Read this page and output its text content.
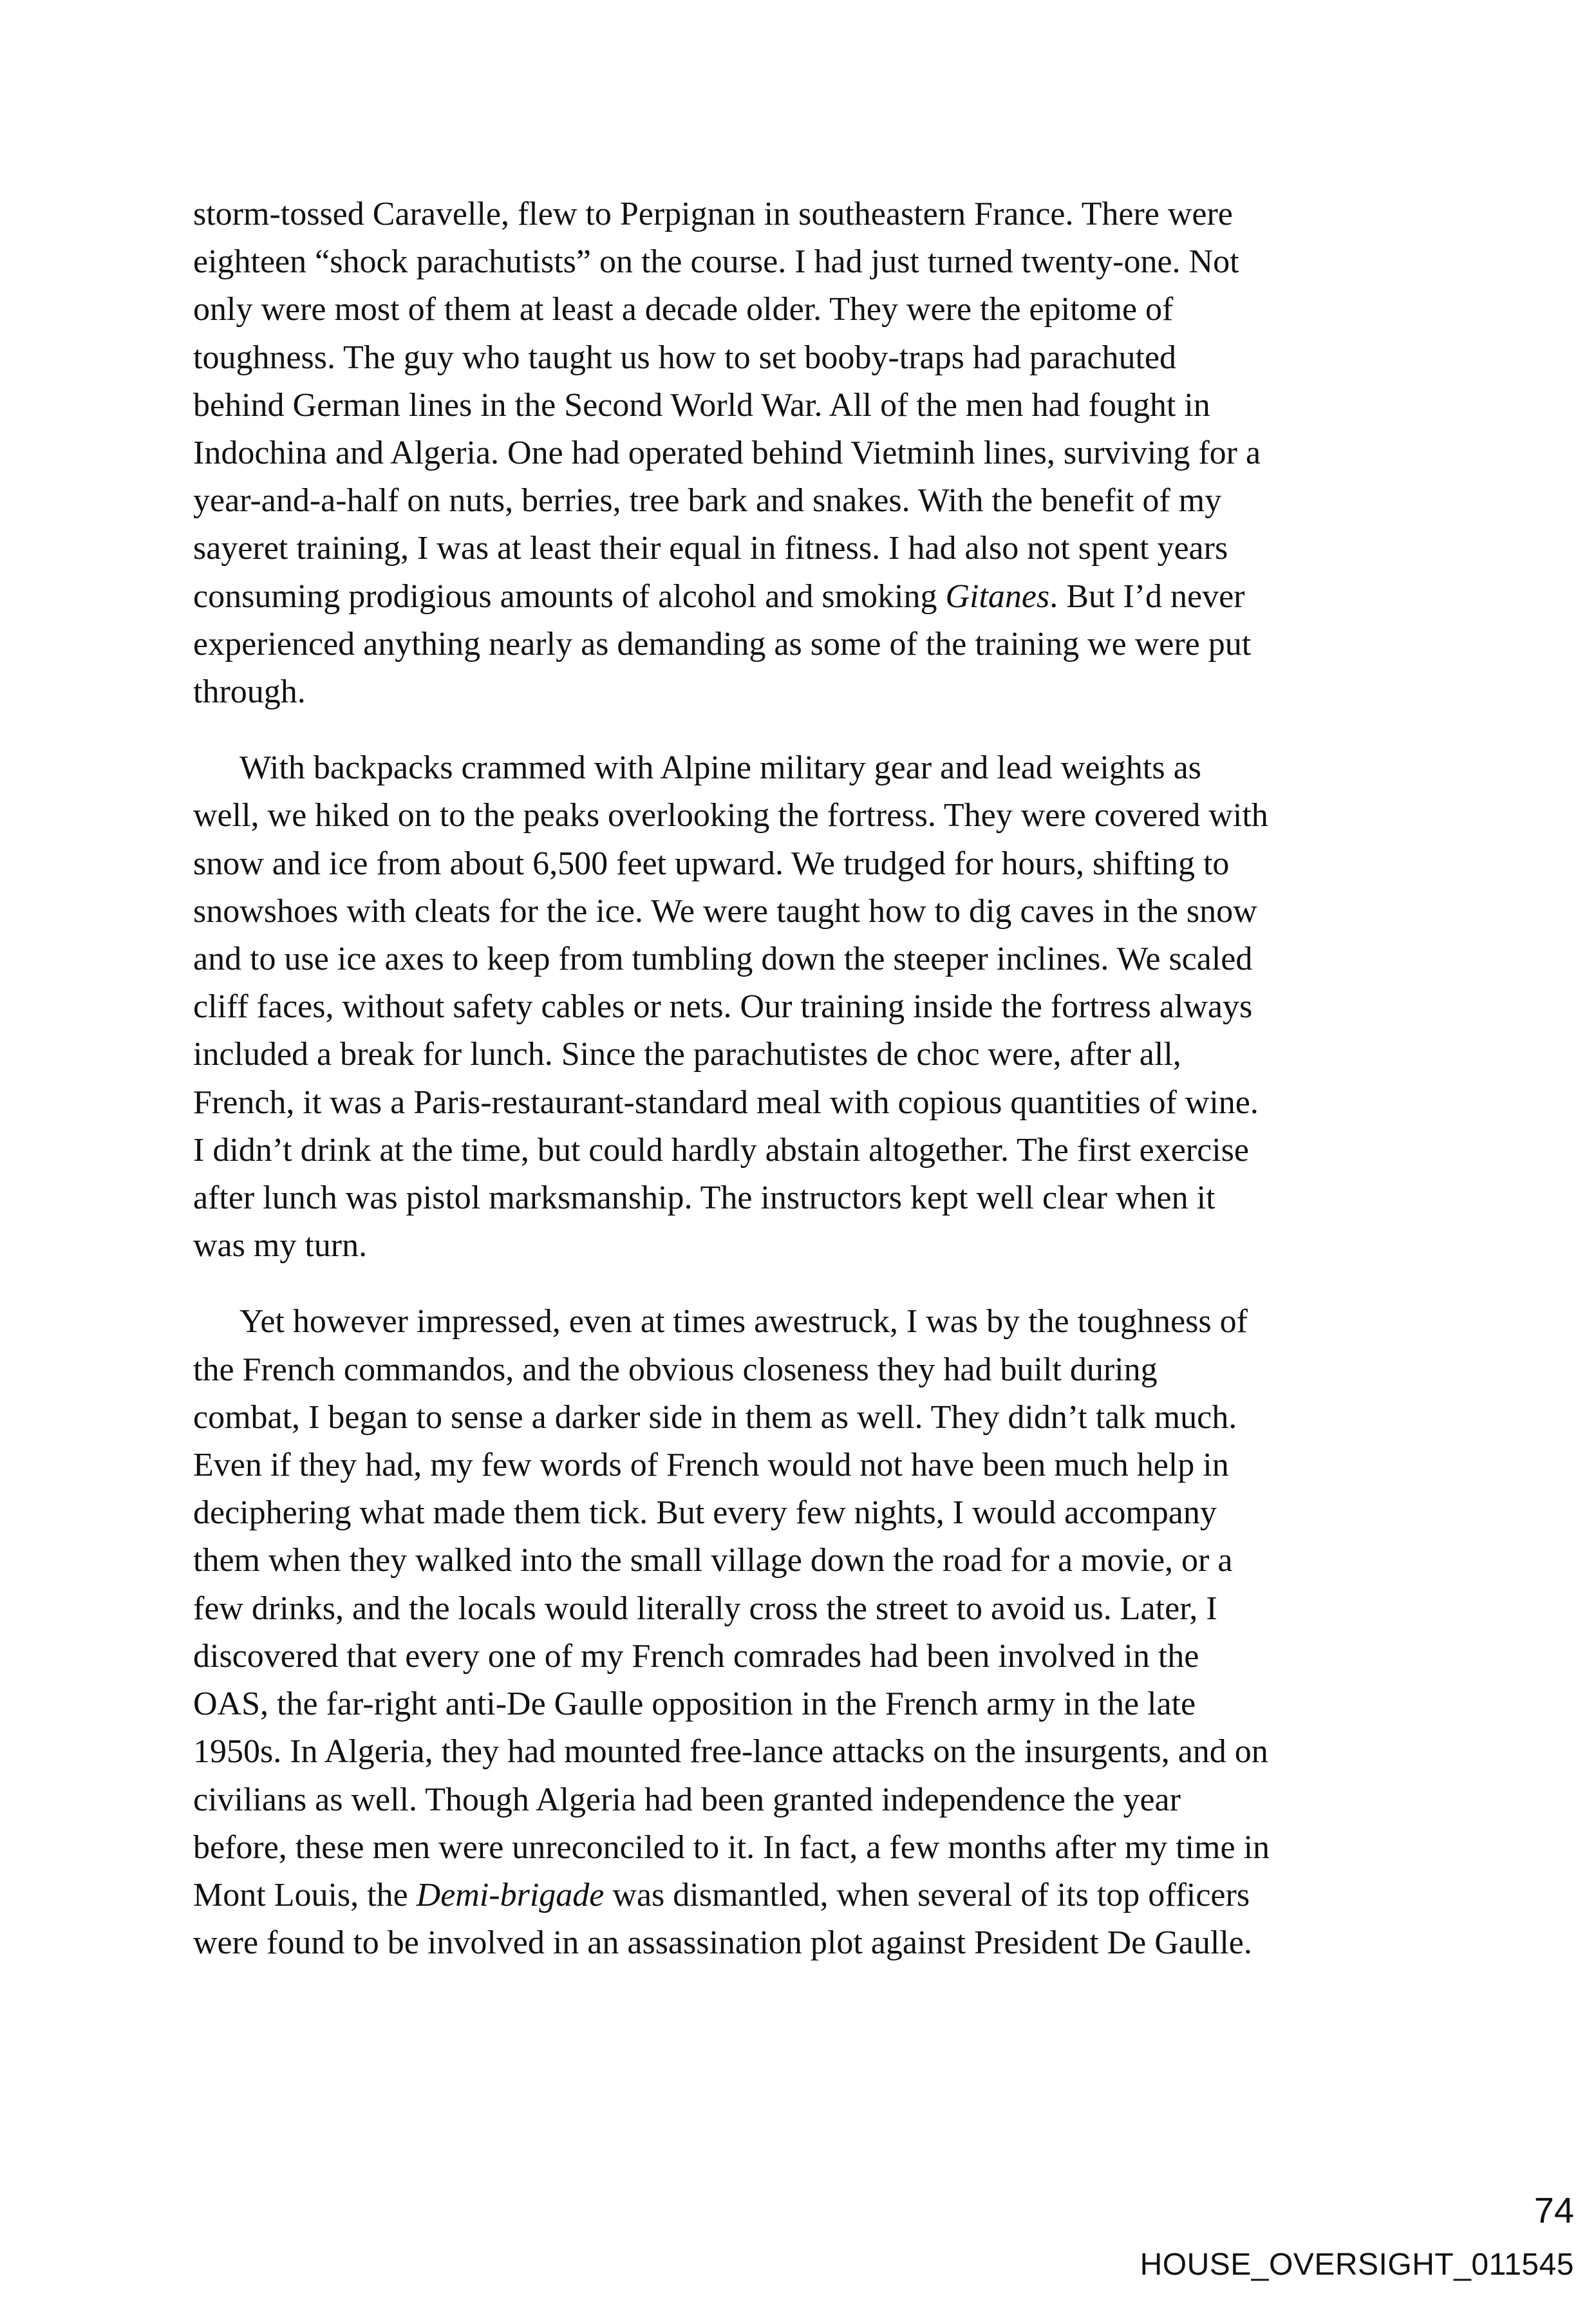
storm-tossed Caravelle, flew to Perpignan in southeastern France. There were
eighteen “shock parachutists” on the course. I had just turned twenty-one. Not
only were most of them at least a decade older. They were the epitome of
toughness. The guy who taught us how to set booby-traps had parachuted
behind German lines in the Second World War. All of the men had fought in
Indochina and Algeria. One had operated behind Vietminh lines, surviving for a
year-and-a-half on nuts, berries, tree bark and snakes. With the benefit of my
sayeret training, I was at least their equal in fitness. I had also not spent years
consuming prodigious amounts of alcohol and smoking Gitanes. But I’d never
experienced anything nearly as demanding as some of the training we were put
through.

With backpacks crammed with Alpine military gear and lead weights as
well, we hiked on to the peaks overlooking the fortress. They were covered with
snow and ice from about 6,500 feet upward. We trudged for hours, shifting to
snowshoes with cleats for the ice. We were taught how to dig caves in the snow
and to use ice axes to keep from tumbling down the steeper inclines. We scaled
cliff faces, without safety cables or nets. Our training inside the fortress always
included a break for lunch. Since the parachutistes de choc were, after all,
French, it was a Paris-restaurant-standard meal with copious quantities of wine.
I didn’t drink at the time, but could hardly abstain altogether. The first exercise
after lunch was pistol marksmanship. The instructors kept well clear when it
was my turn.

Yet however impressed, even at times awestruck, I was by the toughness of
the French commandos, and the obvious closeness they had built during
combat, I began to sense a darker side in them as well. They didn’t talk much.
Even if they had, my few words of French would not have been much help in
deciphering what made them tick. But every few nights, I would accompany
them when they walked into the small village down the road for a movie, or a
few drinks, and the locals would literally cross the street to avoid us. Later, I
discovered that every one of my French comrades had been involved in the
OAS, the far-right anti-De Gaulle opposition in the French army in the late
1950s. In Algeria, they had mounted free-lance attacks on the insurgents, and on
civilians as well. Though Algeria had been granted independence the year
before, these men were unreconciled to it. In fact, a few months after my time in
Mont Louis, the Demi-brigade was dismantled, when several of its top officers
were found to be involved in an assassination plot against President De Gaulle.

74
HOUSE_OVERSIGHT_011545
